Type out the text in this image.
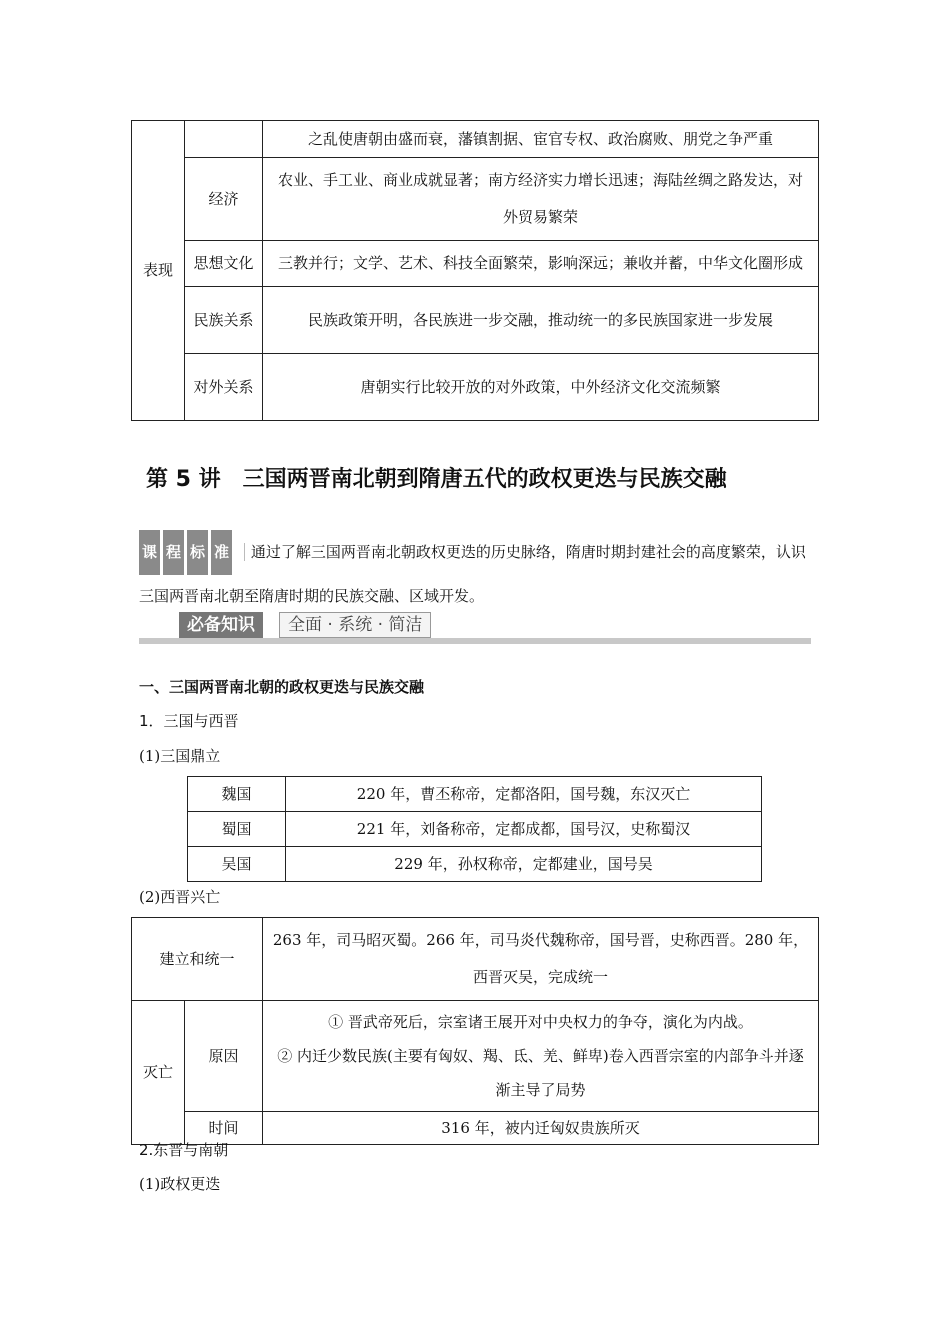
表现		之乱使唐朝由盛而衰，藩镇割据、宦官专权、政治腐败、朋党之争严重
	经济	农业、手工业、商业成就显著；南方经济实力增长迅速；海陆丝绸之路发达，对外贸易繁荣
	思想文化	三教并行；文学、艺术、科技全面繁荣，影响深远；兼收并蓄，中华文化圈形成
	民族关系	民族政策开明，各民族进一步交融，推动统一的多民族国家进一步发展
	对外关系	唐朝实行比较开放的对外政策，中外经济文化交流频繁
第 5 讲　三国两晋南北朝到隋唐五代的政权更迭与民族交融
课 程 标 准 通过了解三国两晋南北朝政权更迭的历史脉络，隋唐时期封建社会的高度繁荣，认识三国两晋南北朝至隋唐时期的民族交融、区域开发。
必备知识	全面 · 系统 · 简洁
一、三国两晋南北朝的政权更迭与民族交融
1．三国与西晋
(1)三国鼎立
魏国	220 年，曹丕称帝，定都洛阳，国号魏，东汉灭亡
蜀国	221 年，刘备称帝，定都成都，国号汉，史称蜀汉
吴国	229 年，孙权称帝，定都建业，国号吴
(2)西晋兴亡
建立和统一		263 年，司马昭灭蜀。266 年，司马炎代魏称帝，国号晋，史称西晋。280 年，西晋灭吴，完成统一
灭亡	原因	① 晋武帝死后，宗室诸王展开对中央权力的争夺，演化为内战。
② 内迁少数民族(主要有匈奴、羯、氐、羌、鲜卑)卷入西晋宗室的内部争斗并逐渐主导了局势

	时间	316 年，被内迁匈奴贵族所灭
2.东晋与南朝
(1)政权更迭
